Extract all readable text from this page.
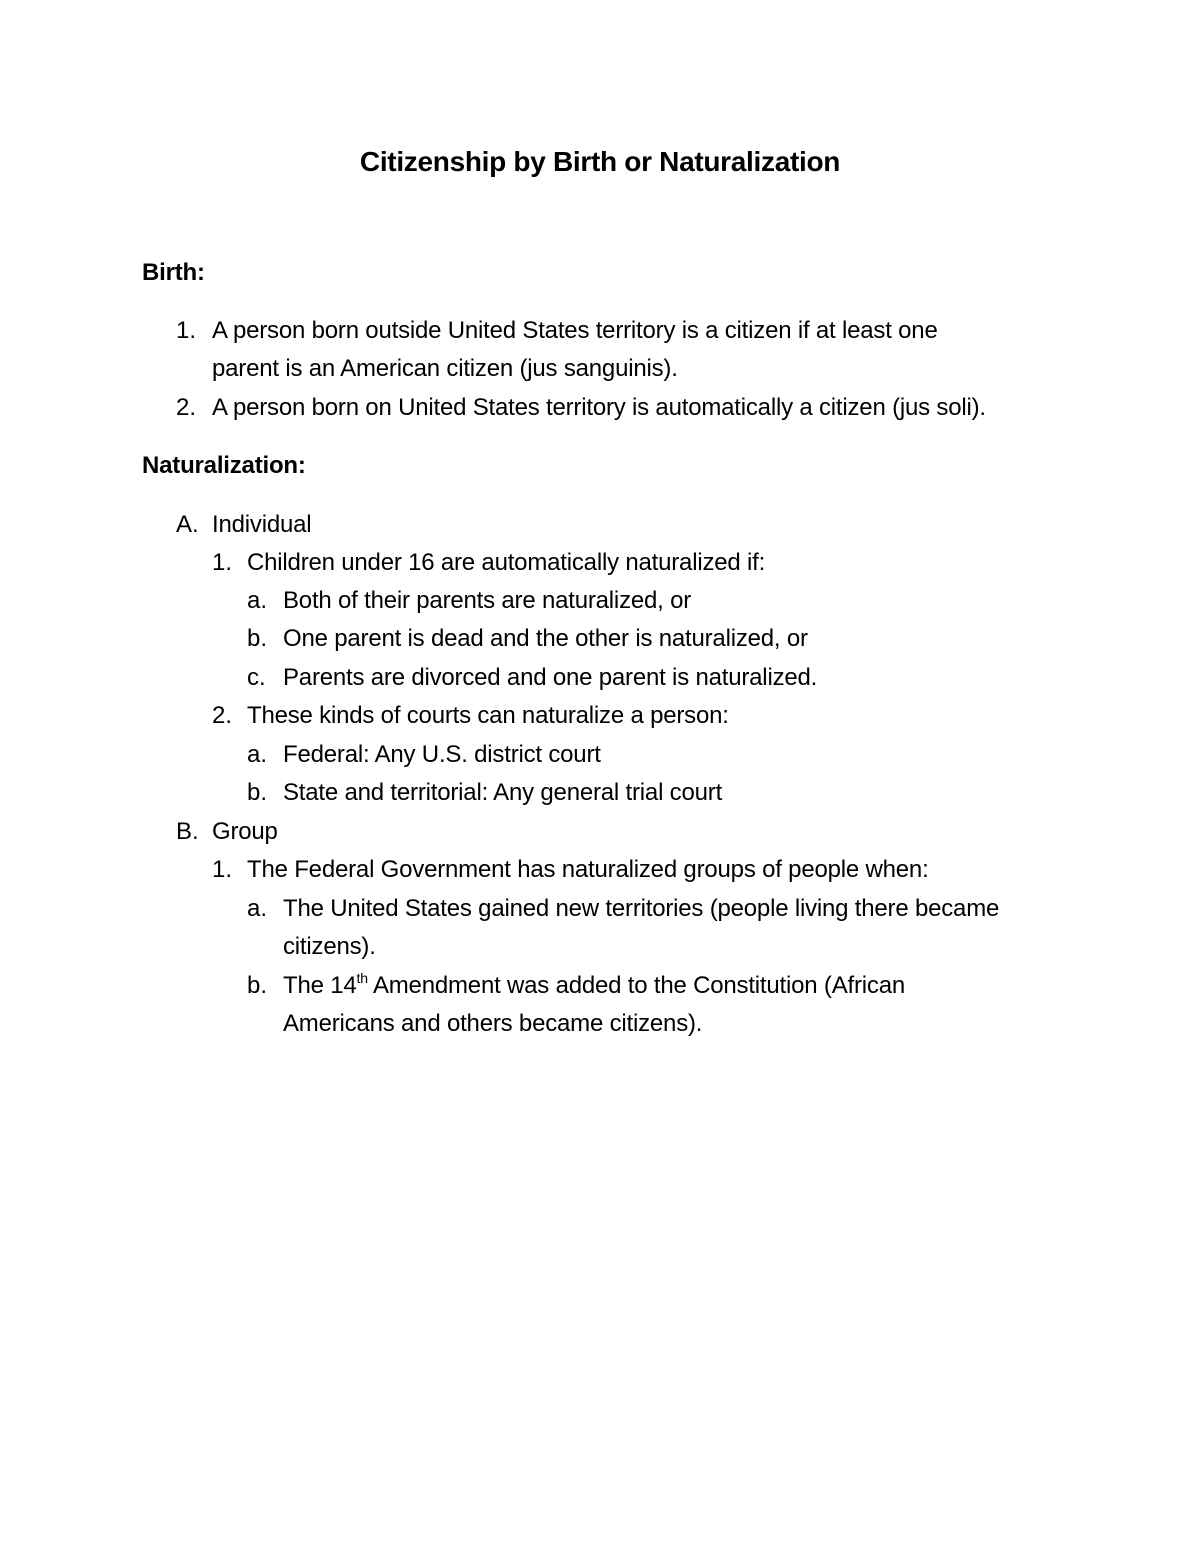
Citizenship by Birth or Naturalization
Birth:
1. A person born outside United States territory is a citizen if at least one
parent is an American citizen (jus sanguinis).
2. A person born on United States territory is automatically a citizen (jus soli).
Naturalization:
A. Individual
1. Children under 16 are automatically naturalized if:
a. Both of their parents are naturalized, or
b. One parent is dead and the other is naturalized, or
c. Parents are divorced and one parent is naturalized.
2. These kinds of courts can naturalize a person:
a. Federal: Any U.S. district court
b. State and territorial: Any general trial court
B. Group
1. The Federal Government has naturalized groups of people when:
a. The United States gained new territories (people living there became
citizens).
b. The 14th Amendment was added to the Constitution (African
Americans and others became citizens).
